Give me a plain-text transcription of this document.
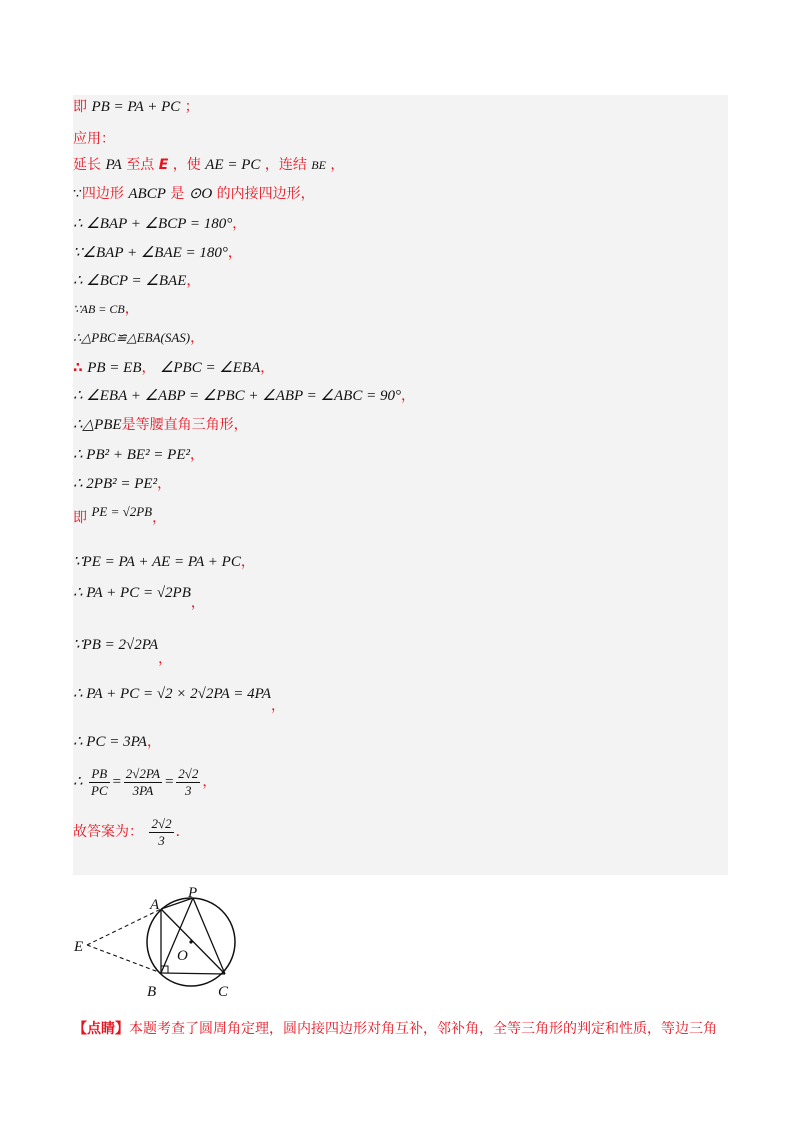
即 PB = PA + PC ；
应用：
延长 PA 至点 E ，使 AE = PC ，连结 BE ，
∵四边形 ABCP 是 ⊙O 的内接四边形，
∴ ∠BAP + ∠BCP = 180°，
∵∠BAP + ∠BAE = 180°，
∴ ∠BCP = ∠BAE，
∵AB = CB，
∴△PBC≌△EBA(SAS)，
∴ PB = EB， ∠PBC = ∠EBA，
∴ ∠EBA + ∠ABP = ∠PBC + ∠ABP = ∠ABC = 90°，
∴△PBE是等腰直角三角形，
∴ PB² + BE² = PE²，
∴ 2PB² = PE²，
即 PE = √2PB，
∵PE = PA + AE = PA + PC，
∴ PA + PC = √2PB，
∵PB = 2√2PA，
∴ PA + PC = √2 × 2√2PA = 4PA，
∴ PC = 3PA，
∴ $\frac{PB}{PC} = \frac{2√2PA}{3PA} = \frac{2√2}{3}$ ，
故答案为： $\frac{2√2}{3}$ ．
P
A
E
O
B	C
【点睛】本题考查了圆周角定理，圆内接四边形对角互补，邻补角，全等三角形的判定和性质，等边三角
